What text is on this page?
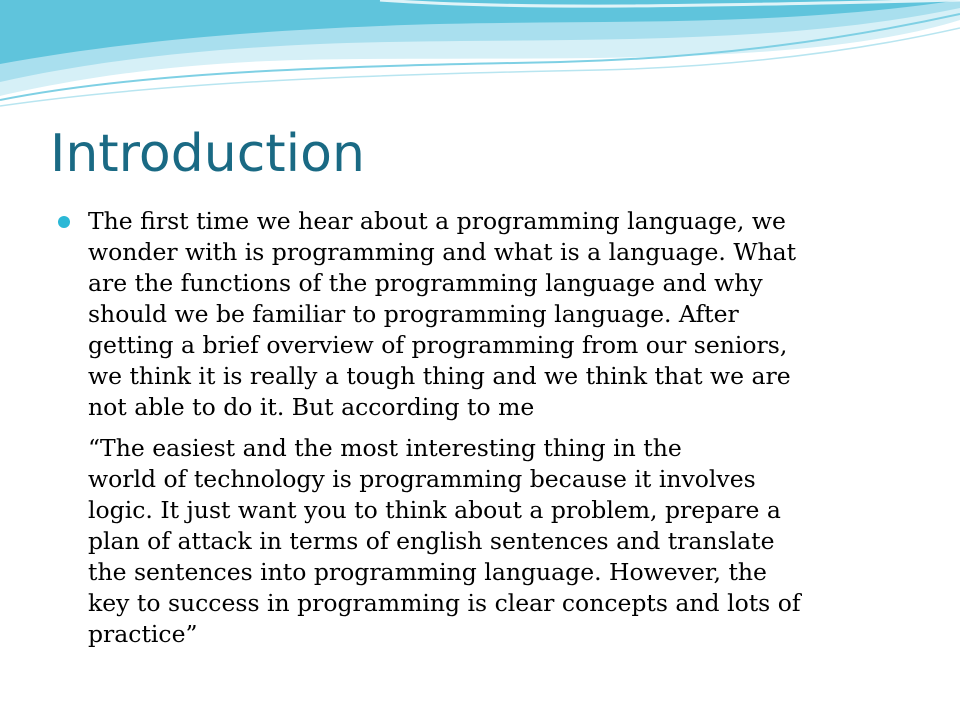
Introduction

The first time we hear about a programming language, we
wonder with is programming and what is a language. What
are the functions of the programming language and why
should we be familiar to programming language. After
getting a brief overview of programming from our seniors,
we think it is really a tough thing and we think that we are
not able to do it. But according to me

“The easiest and the most interesting thing in the
world of technology is programming because it involves
logic. It just want you to think about a problem, prepare a
plan of attack in terms of english sentences and translate
the sentences into programming language. However, the
key to success in programming is clear concepts and lots of
practice”
